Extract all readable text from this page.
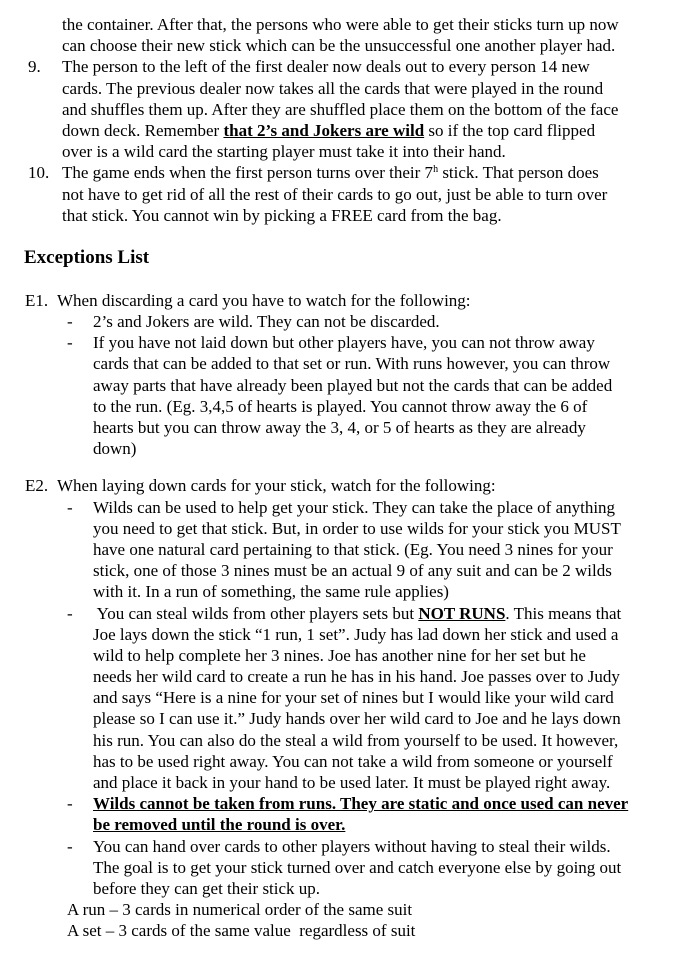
the container. After that, the persons who were able to get their sticks turn up now
can choose their new stick which can be the unsuccessful one another player had.
9. The person to the left of the first dealer now deals out to every person 14 new
cards. The previous dealer now takes all the cards that were played in the round
and shuffles them up. After they are shuffled place them on the bottom of the face
down deck. Remember that 2’s and Jokers are wild so if the top card flipped
over is a wild card the starting player must take it into their hand.
10. The game ends when the first person turns over their 7$^h$ stick. That person does
not have to get rid of all the rest of their cards to go out, just be able to turn over
that stick. You cannot win by picking a FREE card from the bag.
Exceptions List
E1. When discarding a card you have to watch for the following:
- 2’s and Jokers are wild. They can not be discarded.
- If you have not laid down but other players have, you can not throw away
cards that can be added to that set or run. With runs however, you can throw
away parts that have already been played but not the cards that can be added
to the run. (Eg. 3,4,5 of hearts is played. You cannot throw away the 6 of
hearts but you can throw away the 3, 4, or 5 of hearts as they are already
down)
E2. When laying down cards for your stick, watch for the following:
- Wilds can be used to help get your stick. They can take the place of anything
you need to get that stick. But, in order to use wilds for your stick you MUST
have one natural card pertaining to that stick. (Eg. You need 3 nines for your
stick, one of those 3 nines must be an actual 9 of any suit and can be 2 wilds
with it. In a run of something, the same rule applies)
- You can steal wilds from other players sets but NOT RUNS. This means that
Joe lays down the stick “1 run, 1 set”. Judy has lad down her stick and used a
wild to help complete her 3 nines. Joe has another nine for her set but he
needs her wild card to create a run he has in his hand. Joe passes over to Judy
and says “Here is a nine for your set of nines but I would like your wild card
please so I can use it.” Judy hands over her wild card to Joe and he lays down
his run. You can also do the steal a wild from yourself to be used. It however,
has to be used right away. You can not take a wild from someone or yourself
and place it back in your hand to be used later. It must be played right away.
- Wilds cannot be taken from runs. They are static and once used can never
be removed until the round is over.
- You can hand over cards to other players without having to steal their wilds.
The goal is to get your stick turned over and catch everyone else by going out
before they can get their stick up.
A run – 3 cards in numerical order of the same suit
A set – 3 cards of the same value  regardless of suit
